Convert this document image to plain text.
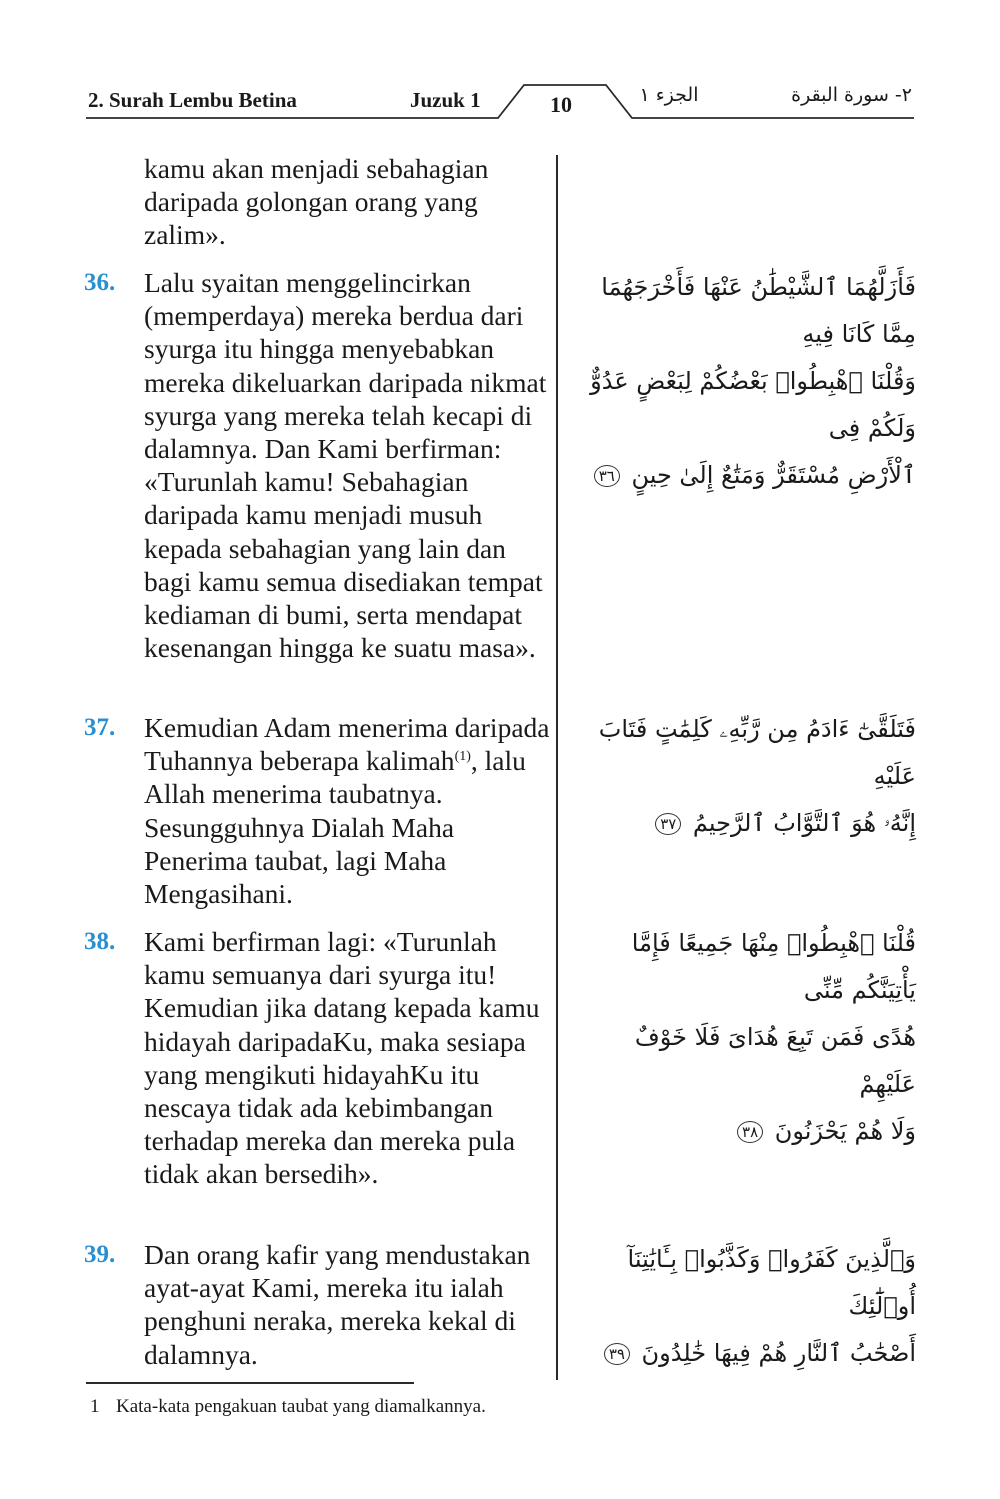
2. Surah Lembu Betina	Juzuk 1	10	الجزء ١	٢- سورة البقرة
kamu akan menjadi sebahagian daripada golongan orang yang zalim».
36. Lalu syaitan menggelincirkan (memperdaya) mereka berdua dari syurga itu hingga menyebabkan mereka dikeluarkan daripada nikmat syurga yang mereka telah kecapi di dalamnya. Dan Kami berfirman: «Turunlah kamu! Sebahagian daripada kamu menjadi musuh kepada sebahagian yang lain dan bagi kamu semua disediakan tempat kediaman di bumi, serta mendapat kesenangan hingga ke suatu masa».
37. Kemudian Adam menerima daripada Tuhannya beberapa kalimah$^{(1)}$, lalu Allah menerima taubatnya. Sesungguhnya Dialah Maha Penerima taubat, lagi Maha Mengasihani.
38. Kami berfirman lagi: «Turunlah kamu semuanya dari syurga itu! Kemudian jika datang kepada kamu hidayah daripadaKu, maka sesiapa yang mengikuti hidayahKu itu nescaya tidak ada kebimbangan terhadap mereka dan mereka pula tidak akan bersedih».
39. Dan orang kafir yang mendustakan ayat-ayat Kami, mereka itu ialah penghuni neraka, mereka kekal di dalamnya.
فَأَزَلَّهُمَا ٱلشَّيْطَٰنُ عَنْهَا فَأَخْرَجَهُمَا مِمَّا كَانَا فِيهِ
وَقُلْنَا ٱهْبِطُوا۟ بَعْضُكُمْ لِبَعْضٍ عَدُوٌّ وَلَكُمْ فِى
ٱلْأَرْضِ مُسْتَقَرٌّ وَمَتَٰعٌ إِلَىٰ حِينٍ ٣٦
فَتَلَقَّىٰٓ ءَادَمُ مِن رَّبِّهِۦ كَلِمَٰتٍ فَتَابَ عَلَيْهِ
إِنَّهُۥ هُوَ ٱلتَّوَّابُ ٱلرَّحِيمُ ٣٧
قُلْنَا ٱهْبِطُوا۟ مِنْهَا جَمِيعًا فَإِمَّا يَأْتِيَنَّكُم مِّنِّى
هُدًى فَمَن تَبِعَ هُدَاىَ فَلَا خَوْفٌ عَلَيْهِمْ
وَلَا هُمْ يَحْزَنُونَ ٣٨
وَٱلَّذِينَ كَفَرُوا۟ وَكَذَّبُوا۟ بِـَٔايَٰتِنَآ أُو۟لَٰٓئِكَ
أَصْحَٰبُ ٱلنَّارِ هُمْ فِيهَا خَٰلِدُونَ ٣٩
1 Kata-kata pengakuan taubat yang diamalkannya.
